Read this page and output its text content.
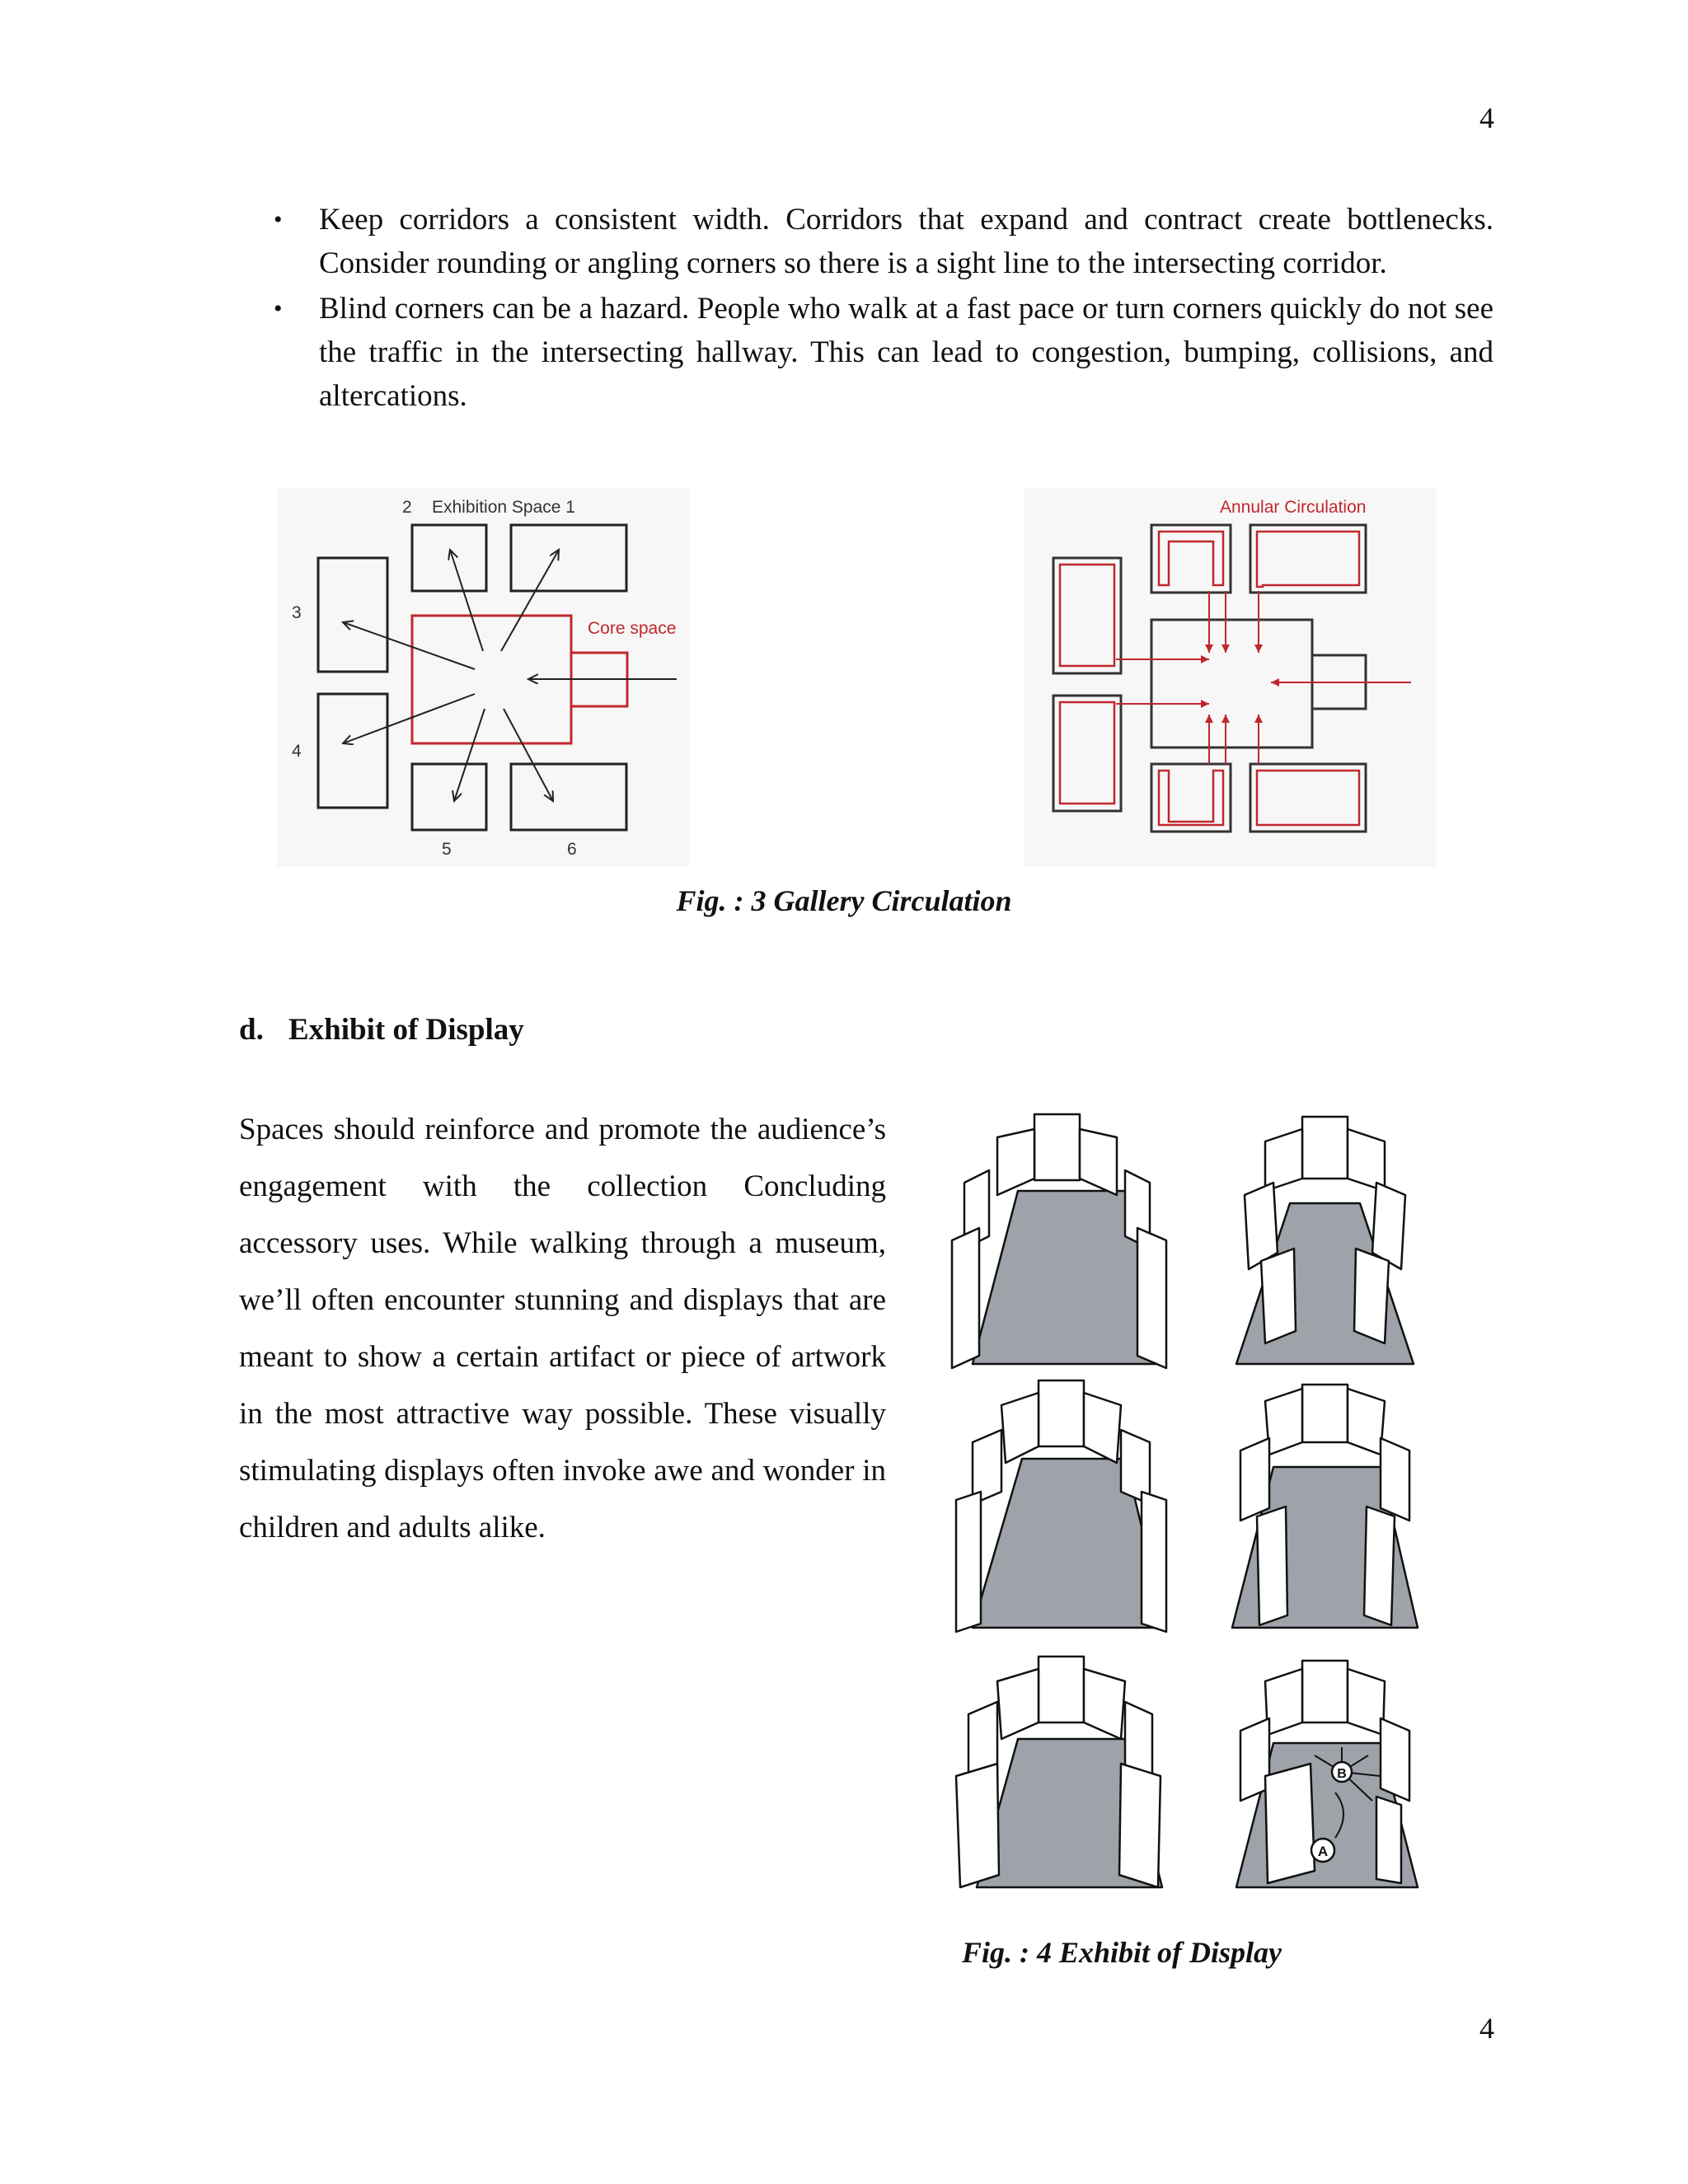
4
• Keep corridors a consistent width. Corridors that expand and contract create bottlenecks. Consider rounding or angling corners so there is a sight line to the intersecting corridor.
• Blind corners can be a hazard. People who walk at a fast pace or turn corners quickly do not see the traffic in the intersecting hallway. This can lead to congestion, bumping, collisions, and altercations.
2 Exhibition Space 1
3
4
5	6
Core space
Annular Circulation
Fig. : 3 Gallery Circulation
d. Exhibit of Display

Spaces should reinforce and promote the audience’s engagement with the collection Concluding accessory uses. While walking through a museum, we’ll often encounter stunning and displays that are meant to show a certain artifact or piece of artwork in the most attractive way possible. These visually stimulating displays often invoke awe and wonder in children and adults alike.

B
A
Fig. : 4 Exhibit of Display
4
